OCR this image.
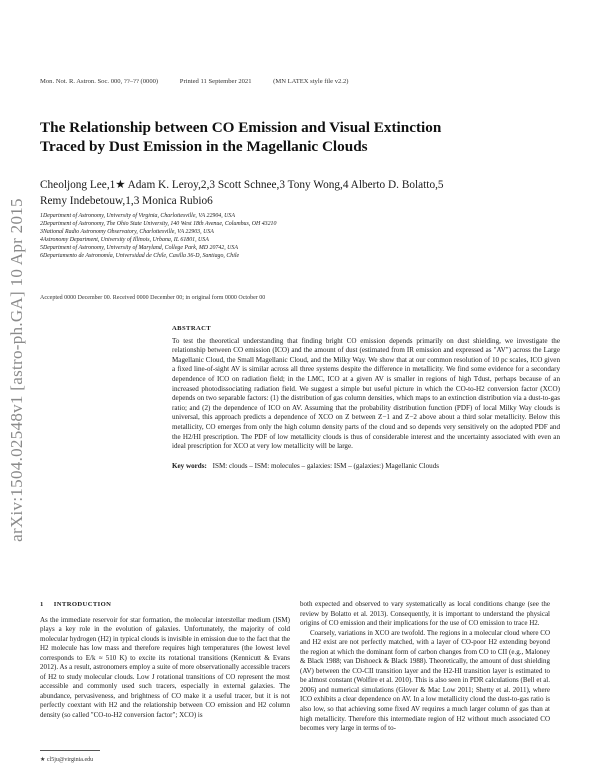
arXiv:1504.02548v1 [astro-ph.GA] 10 Apr 2015
Mon. Not. R. Astron. Soc. 000, ??–?? (0000)	Printed 11 September 2021	(MN LATEX style file v2.2)
The Relationship between CO Emission and Visual Extinction
Traced by Dust Emission in the Magellanic Clouds
Cheoljong Lee,1★ Adam K. Leroy,2,3 Scott Schnee,3 Tony Wong,4 Alberto D. Bolatto,5
Remy Indebetouw,1,3 Monica Rubio6
1Department of Astronomy, University of Virginia, Charlottesville, VA 22904, USA
2Department of Astronomy, The Ohio State University, 140 West 18th Avenue, Columbus, OH 43210
3National Radio Astronomy Observatory, Charlottesville, VA 22903, USA
4Astronomy Department, University of Illinois, Urbana, IL 61801, USA
5Department of Astronomy, University of Maryland, College Park, MD 20742, USA
6Departamento de Astronomía, Universidad de Chile, Casilla 36-D, Santiago, Chile
Accepted 0000 December 00. Received 0000 December 00; in original form 0000 October 00
ABSTRACT
To test the theoretical understanding that finding bright CO emission depends primarily on dust shielding, we investigate the relationship between CO emission (ICO) and the amount of dust (estimated from IR emission and expressed as "AV") across the Large Magellanic Cloud, the Small Magellanic Cloud, and the Milky Way. We show that at our common resolution of 10 pc scales, ICO given a fixed line-of-sight AV is similar across all three systems despite the difference in metallicity. We find some evidence for a secondary dependence of ICO on radiation field; in the LMC, ICO at a given AV is smaller in regions of high Tdust, perhaps because of an increased photodissociating radiation field. We suggest a simple but useful picture in which the CO-to-H2 conversion factor (XCO) depends on two separable factors: (1) the distribution of gas column densities, which maps to an extinction distribution via a dust-to-gas ratio; and (2) the dependence of ICO on AV. Assuming that the probability distribution function (PDF) of local Milky Way clouds is universal, this approach predicts a dependence of XCO on Z between Z−1 and Z−2 above about a third solar metallicity. Below this metallicity, CO emerges from only the high column density parts of the cloud and so depends very sensitively on the adopted PDF and the H2/HI prescription. The PDF of low metallicity clouds is thus of considerable interest and the uncertainty associated with even an ideal prescription for XCO at very low metallicity will be large.
Key words: ISM: clouds – ISM: molecules – galaxies: ISM – (galaxies:) Magellanic Clouds
1 INTRODUCTION
As the immediate reservoir for star formation, the molecular interstellar medium (ISM) plays a key role in the evolution of galaxies. Unfortunately, the majority of cold molecular hydrogen (H2) in typical clouds is invisible in emission due to the fact that the H2 molecule has low mass and therefore requires high temperatures (the lowest level corresponds to E/k ≈ 510 K) to excite its rotational transitions (Kennicutt & Evans 2012). As a result, astronomers employ a suite of more observationally accessible tracers of H2 to study molecular clouds. Low J rotational transitions of CO represent the most accessible and commonly used such tracers, especially in external galaxies. The abundance, pervasiveness, and brightness of CO make it a useful tracer, but it is not perfectly coextant with H2 and the relationship between CO emission and H2 column density (so called "CO-to-H2 conversion factor"; XCO) is
both expected and observed to vary systematically as local conditions change (see the review by Bolatto et al. 2013). Consequently, it is important to understand the physical origins of CO emission and their implications for the use of CO emission to trace H2.
Coarsely, variations in XCO are twofold. The regions in a molecular cloud where CO and H2 exist are not perfectly matched, with a layer of CO-poor H2 extending beyond the region at which the dominant form of carbon changes from CO to CII (e.g., Maloney & Black 1988; van Dishoeck & Black 1988). Theoretically, the amount of dust shielding (AV) between the CO-CII transition layer and the H2-HI transition layer is estimated to be almost constant (Wolfire et al. 2010). This is also seen in PDR calculations (Bell et al. 2006) and numerical simulations (Glover & Mac Low 2011; Shetty et al. 2011), where ICO exhibits a clear dependence on AV. In a low metallicity cloud the dust-to-gas ratio is also low, so that achieving some fixed AV requires a much larger column of gas than at high metallicity. Therefore this intermediate region of H2 without much associated CO becomes very large in terms of to-
★ cl5ju@virginia.edu
